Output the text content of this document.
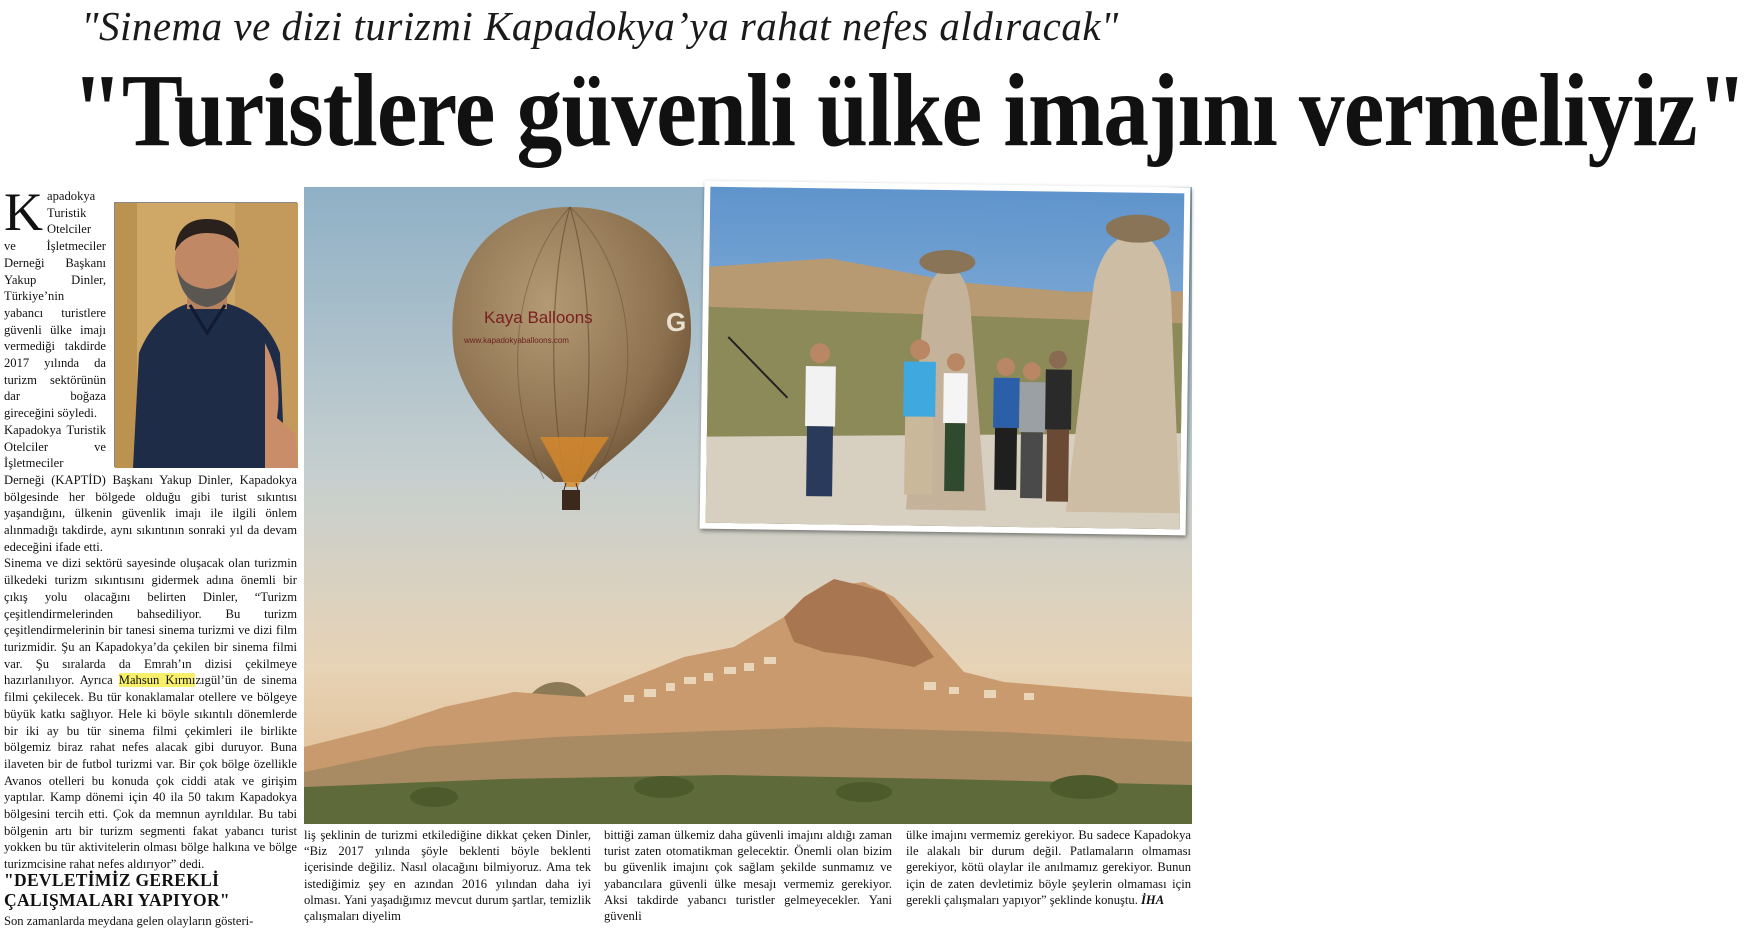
"Sinema ve dizi turizmi Kapadokya’ya rahat nefes aldıracak"
"Turistlere güvenli ülke imajını vermeliyiz"

Kapadokya Turistik Otelciler ve İşletmeciler Derneği Başkanı Yakup Dinler, Türkiye’nin yabancı turistlere güvenli ülke imajı vermediği takdirde 2017 yılında da turizm sektörünün dar boğaza gireceğini söyledi.

Kapadokya Turistik Otelciler ve İşletmeciler Derneği (KAPTİD) Başkanı Yakup Dinler, Kapadokya bölgesinde her bölgede olduğu gibi turist sıkıntısı yaşandığını, ülkenin güvenlik imajı ile ilgili önlem alınmadığı takdirde, aynı sıkıntının sonraki yıl da devam edeceğini ifade etti.

Sinema ve dizi sektörü sayesinde oluşacak olan turizmin ülkedeki turizm sıkıntısını gidermek adına önemli bir çıkış yolu olacağını belirten Dinler, “Turizm çeşitlendirmelerinden bahsediliyor. Bu turizm çeşitlendirmelerinin bir tanesi sinema turizmi ve dizi film turizmidir. Şu an Kapadokya’da çekilen bir sinema filmi var. Şu sıralarda da Emrah’ın dizisi çekilmeye hazırlanılıyor. Ayrıca Mahsun Kırmızıgül’ün de sinema filmi çekilecek. Bu tür konaklamalar otellere ve bölgeye büyük katkı sağlıyor. Hele ki böyle sıkıntılı dönemlerde bir iki ay bu tür sinema filmi çekimleri ile birlikte bölgemiz biraz rahat nefes alacak gibi duruyor. Buna ilaveten bir de futbol turizmi var. Bir çok bölge özellikle Avanos otelleri bu konuda çok ciddi atak ve girişim yaptılar. Kamp dönemi için 40 ila 50 takım Kapadokya bölgesini tercih etti. Çok da memnun ayrıldılar. Bu tabi bölgenin artı bir turizm segmenti fakat yabancı turist yokken bu tür aktivitelerin olması bölge halkına ve bölge turizmcisine rahat nefes aldırıyor” dedi.

"DEVLETİMİZ GEREKLİ ÇALIŞMALARI YAPIYOR"
Son zamanlarda meydana gelen olayların gösteri-
Kaya Balloons
www.kapadokyaballoons.com
G

liş şeklinin de turizmi etkilediğine dikkat çeken Dinler, “Biz 2017 yılında şöyle beklenti böyle beklenti içerisinde değiliz. Nasıl olacağını bilmiyoruz. Ama tek istediğimiz şey en azından 2016 yılından daha iyi olması. Yani yaşadığımız mevcut durum şartlar, temizlik çalışmaları diyelim

bittiği zaman ülkemiz daha güvenli imajını aldığı zaman turist zaten otomatikman gelecektir. Önemli olan bizim bu güvenlik imajını çok sağlam şekilde sunmamız ve yabancılara güvenli ülke mesajı vermemiz gerekiyor. Aksi takdirde yabancı turistler gelmeyecekler. Yani güvenli

ülke imajını vermemiz gerekiyor. Bu sadece Kapadokya ile alakalı bir durum değil. Patlamaların olmaması gerekiyor, kötü olaylar ile anılmamız gerekiyor. Bunun için de zaten devletimiz böyle şeylerin olmaması için gerekli çalışmaları yapıyor” şeklinde konuştu. İHA
